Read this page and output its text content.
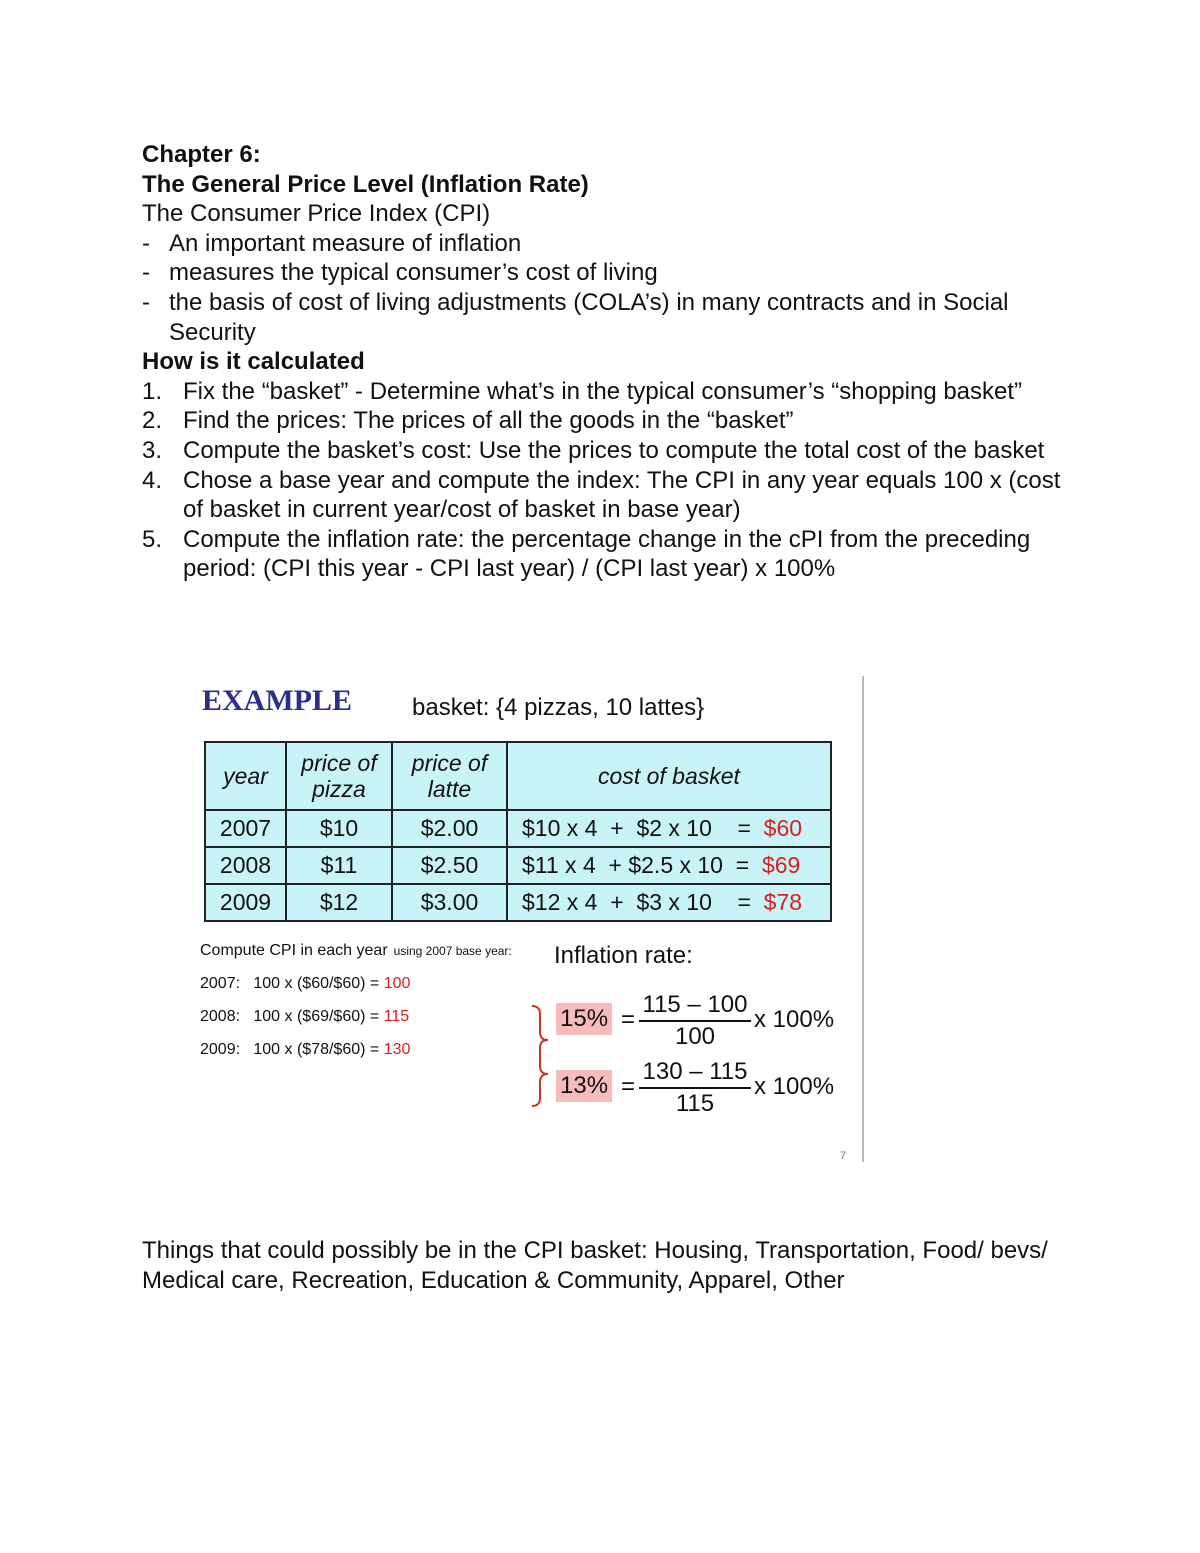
Chapter 6:
The General Price Level (Inflation Rate)
The Consumer Price Index (CPI)
- An important measure of inflation
- measures the typical consumer’s cost of living
- the basis of cost of living adjustments (COLA’s) in many contracts and in Social Security
How is it calculated
1. Fix the “basket” - Determine what’s in the typical consumer’s “shopping basket”
2. Find the prices: The prices of all the goods in the “basket”
3. Compute the basket’s cost: Use the prices to compute the total cost of the basket
4. Chose a base year and compute the index: The CPI in any year equals 100 x (cost of basket in current year/cost of basket in base year)
5. Compute the inflation rate: the percentage change in the cPI from the preceding period: (CPI this year - CPI last year) / (CPI last year) x 100%
EXAMPLE	basket: {4 pizzas, 10 lattes}
year	price of pizza	price of latte	cost of basket
2007	$10	$2.00	$10 x 4  +  $2 x 10    =  $60
2008	$11	$2.50	$11 x 4  + $2.5 x 10  =  $69
2009	$12	$3.00	$12 x 4  +  $3 x 10    =  $78
Compute CPI in each year using 2007 base year:
2007:   100 x ($60/$60) = 100
2008:   100 x ($69/$60) = 115
2009:   100 x ($78/$60) = 130
Inflation rate:
$15\% = \frac{115 - 100}{100}$ x 100%
$13\% = \frac{130 - 115}{115}$ x 100%
7
Things that could possibly be in the CPI basket: Housing, Transportation, Food/ bevs/ Medical care, Recreation, Education & Community, Apparel, Other
